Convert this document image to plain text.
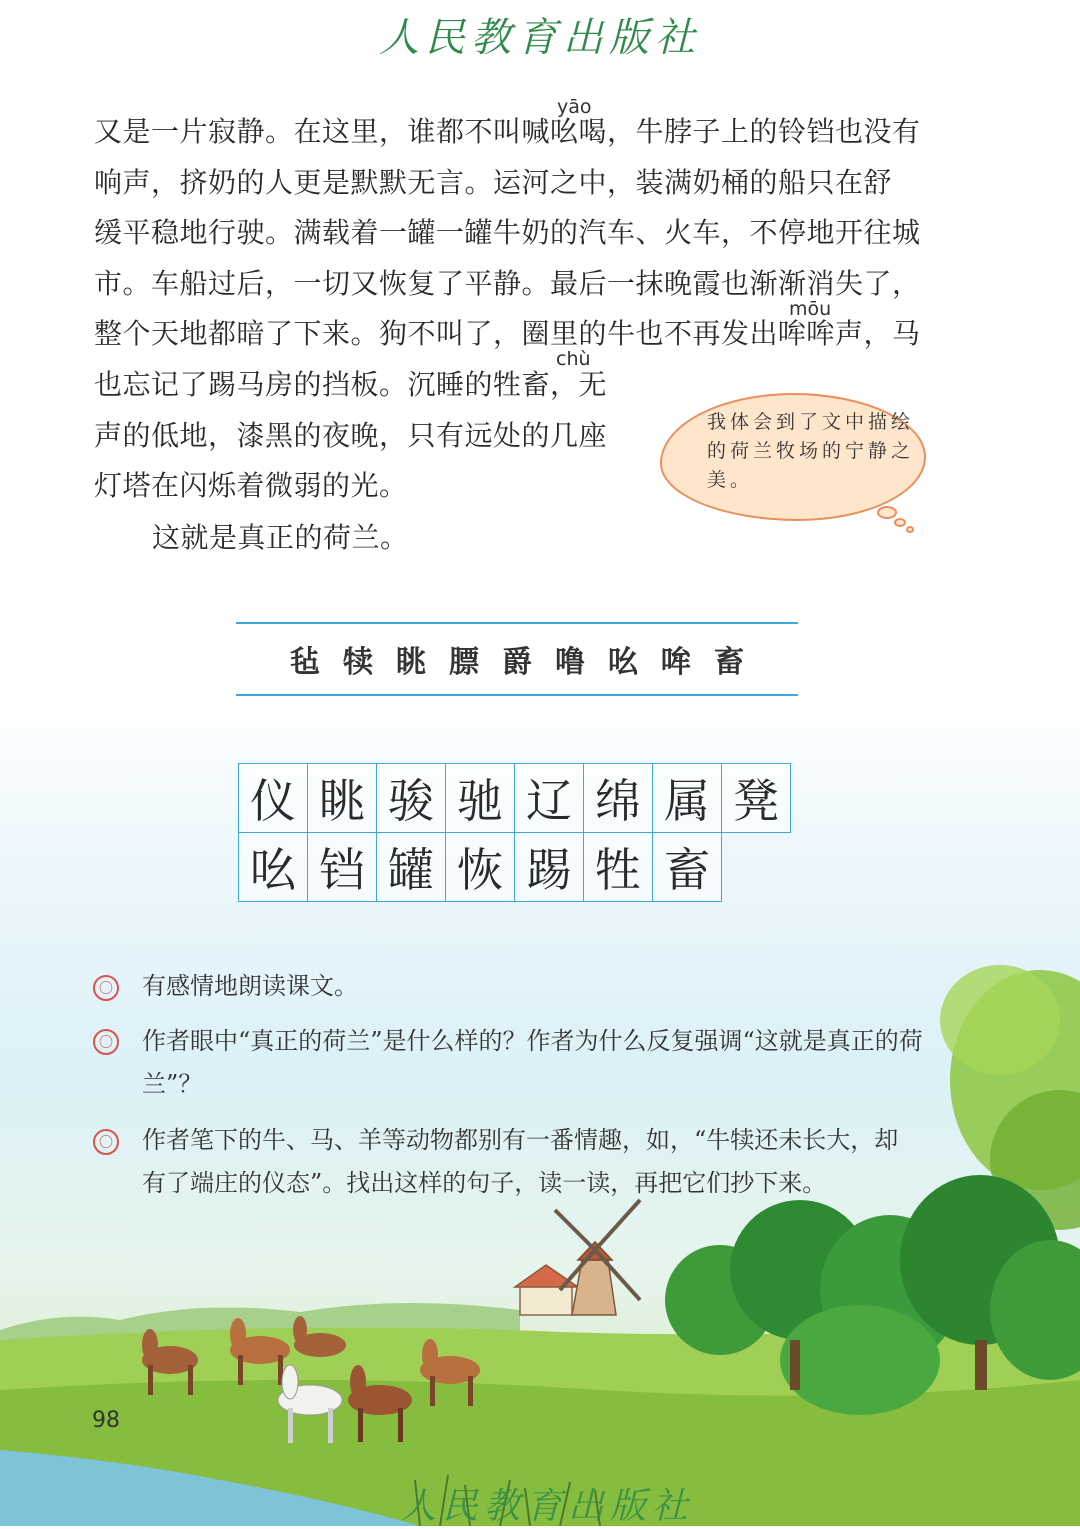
人民教育出版社
yāo
mōu
chù
又是一片寂静。在这里，谁都不叫喊吆喝，牛脖子上的铃铛也没有
响声，挤奶的人更是默默无言。运河之中，装满奶桶的船只在舒
缓平稳地行驶。满载着一罐一罐牛奶的汽车、火车，不停地开往城
市。车船过后，一切又恢复了平静。最后一抹晚霞也渐渐消失了，
整个天地都暗了下来。狗不叫了，圈里的牛也不再发出哞哞声，马
也忘记了踢马房的挡板。沉睡的牲畜，无
声的低地，漆黑的夜晚，只有远处的几座
灯塔在闪烁着微弱的光。
这就是真正的荷兰。
我体会到了文中描绘的荷兰牧场的宁静之美。
毡 犊 眺 膘 爵 噜 吆 哞 畜
仪	眺	骏	驰	辽	绵	属	凳
吆	铛	罐	恢	踢	牲	畜	
〇 有感情地朗读课文。
〇 作者眼中“真正的荷兰”是什么样的？作者为什么反复强调“这就是真正的荷
兰”？
〇 作者笔下的牛、马、羊等动物都别有一番情趣，如，“牛犊还未长大，却
有了端庄的仪态”。找出这样的句子，读一读，再把它们抄下来。
98
人民教育出版社
